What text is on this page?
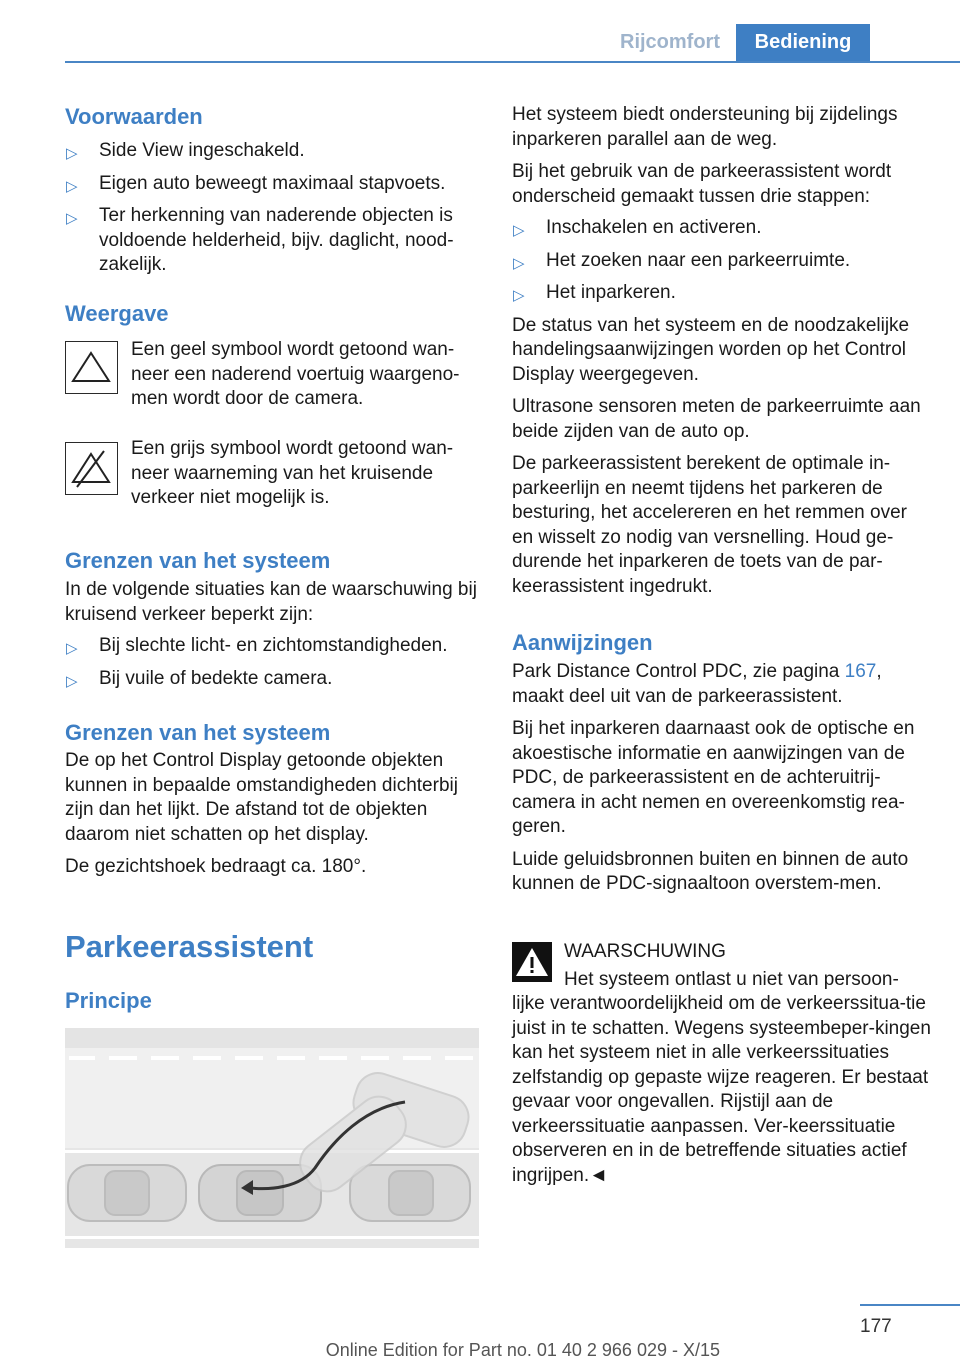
Rijcomfort	Bediening
Voorwaarden
▷ Side View ingeschakeld.
▷ Eigen auto beweegt maximaal stapvoets.
▷ Ter herkenning van naderende objecten is voldoende helderheid, bijv. daglicht, nood-zakelijk.
Weergave
Een geel symbool wordt getoond wan-neer een naderend voertuig waargeno-men wordt door de camera.
Een grijs symbool wordt getoond wan-neer waarneming van het kruisende verkeer niet mogelijk is.
Grenzen van het systeem

In de volgende situaties kan de waarschuwing bij kruisend verkeer beperkt zijn:

▷ Bij slechte licht- en zichtomstandigheden.
▷ Bij vuile of bedekte camera.
Grenzen van het systeem

De op het Control Display getoonde objekten kunnen in bepaalde omstandigheden dichterbij zijn dan het lijkt. De afstand tot de objekten daarom niet schatten op het display.

De gezichtshoek bedraagt ca. 180°.

Parkeerassistent
Principe

Het systeem biedt ondersteuning bij zijdelings inparkeren parallel aan de weg.

Bij het gebruik van de parkeerassistent wordt onderscheid gemaakt tussen drie stappen:

▷ Inschakelen en activeren.
▷ Het zoeken naar een parkeerruimte.
▷ Het inparkeren.

De status van het systeem en de noodzakelijke handelingsaanwijzingen worden op het Control Display weergegeven.

Ultrasone sensoren meten de parkeerruimte aan beide zijden van de auto op.

De parkeerassistent berekent de optimale in-parkeerlijn en neemt tijdens het parkeren de besturing, het accelereren en het remmen over en wisselt zo nodig van versnelling. Houd ge-durende het inparkeren de toets van de par-keerassistent ingedrukt.

Aanwijzingen

Park Distance Control PDC, zie pagina 167,
maakt deel uit van de parkeerassistent.

Bij het inparkeren daarnaast ook de optische en akoestische informatie en aanwijzingen van de PDC, de parkeerassistent en de achteruitrij-camera in acht nemen en overeenkomstig rea-geren.

Luide geluidsbronnen buiten en binnen de auto kunnen de PDC-signaaltoon overstem-men.

WAARSCHUWING

Het systeem ontlast u niet van persoon-

lijke verantwoordelijkheid om de verkeerssitua-tie juist in te schatten. Wegens systeembeper-kingen kan het systeem niet in alle verkeerssituaties zelfstandig op gepaste wijze reageren. Er bestaat gevaar voor ongevallen. Rijstijl aan de verkeerssituatie aanpassen. Ver-keerssituatie observeren en in de betreffende situaties actief ingrijpen.◄

177
Online Edition for Part no. 01 40 2 966 029 - X/15
